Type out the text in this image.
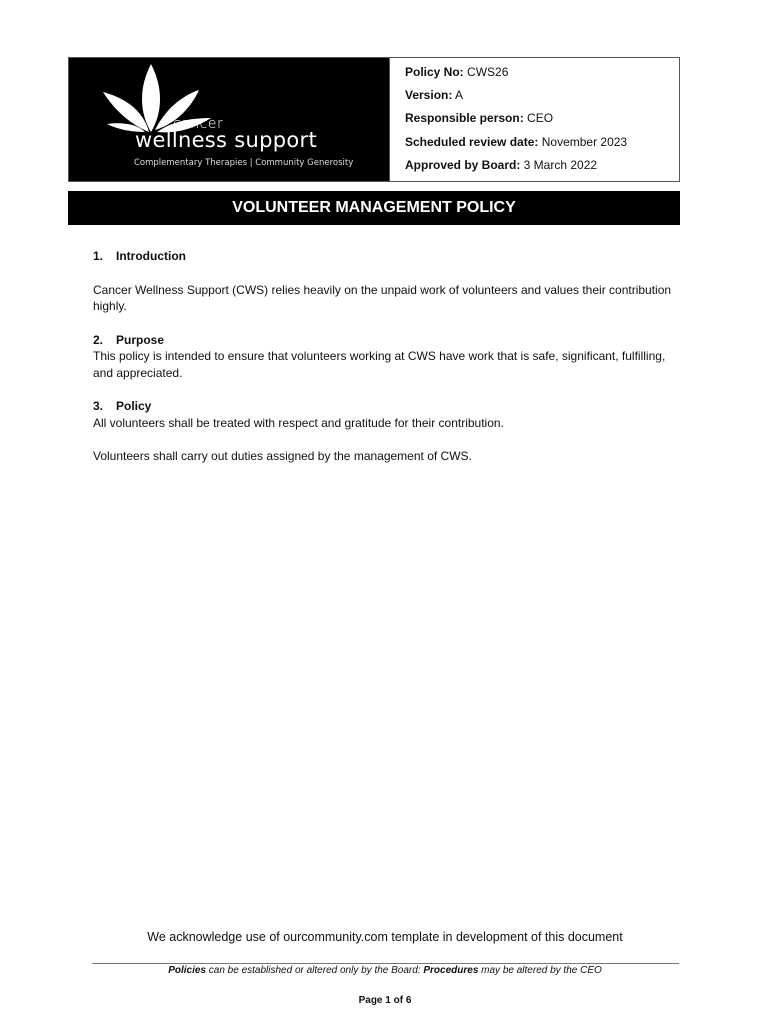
cancer
wellness support
Complementary Therapies | Community Generosity
Policy No: CWS26
Version: A
Responsible person: CEO
Scheduled review date: November 2023
Approved by Board: 3 March 2022
VOLUNTEER MANAGEMENT POLICY
1.	Introduction

Cancer Wellness Support (CWS) relies heavily on the unpaid work of volunteers and values their contribution highly.

2.	Purpose

This policy is intended to ensure that volunteers working at CWS have work that is safe, significant, fulfilling, and appreciated.

3.	Policy

All volunteers shall be treated with respect and gratitude for their contribution.

Volunteers shall carry out duties assigned by the management of CWS.

We acknowledge use of ourcommunity.com template in development of this document
Policies can be established or altered only by the Board: Procedures may be altered by the CEO
Page 1 of 6
